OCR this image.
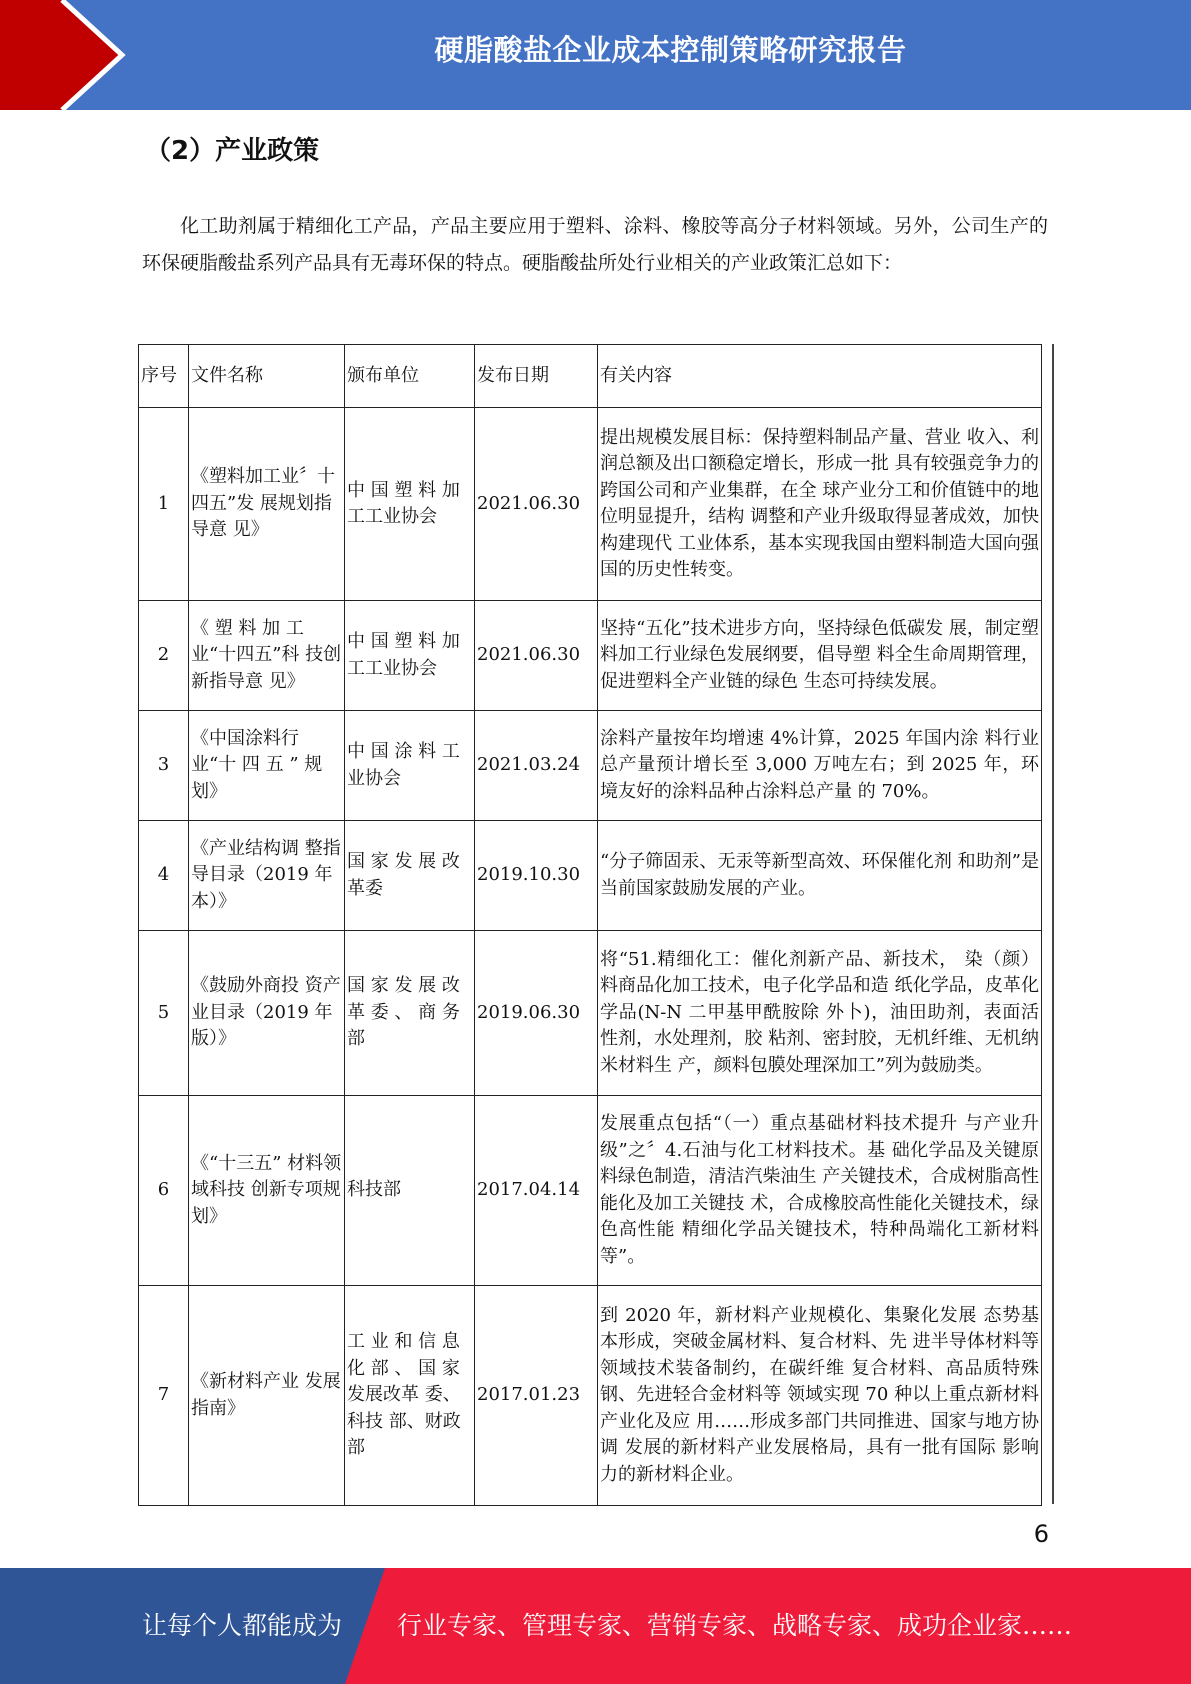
硬脂酸盐企业成本控制策略研究报告
（2）产业政策
化工助剂属于精细化工产品，产品主要应用于塑料、涂料、橡胶等高分子材料领域。另外，公司生产的环保硬脂酸盐系列产品具有无毒环保的特点。硬脂酸盐所处行业相关的产业政策汇总如下：
序号	文件名称	颁布单位	发布日期	有关内容
1	《塑料加工业〞十四五”发 展规划指导意 见》	中 国 塑 料 加 工工业协会	2021.06.30	提出规模发展目标：保持塑料制品产量、营业 收入、利润总额及出口额稳定增长，形成一批 具有较强竞争力的跨国公司和产业集群，在全 球产业分工和价值链中的地位明显提升，结构 调整和产业升级取得显著成效，加快构建现代 工业体系，基本实现我国由塑料制造大国向强 国的历史性转变。
2	《 塑 料 加 工 业“十四五”科 技创新指导意 见》	中 国 塑 料 加 工工业协会	2021.06.30	坚持“五化”技术进步方向，坚持绿色低碳发 展，制定塑料加工行业绿色发展纲要，倡导塑 料全生命周期管理，促进塑料全产业链的绿色 生态可持续发展。
3	《中国涂料行 业“十 四 五 ” 规划》	中 国 涂 料 工 业协会	2021.03.24	涂料产量按年均增速 4%计算，2025 年国内涂 料行业总产量预计增长至 3,000 万吨左右；到 2025 年，环境友好的涂料品种占涂料总产量 的 70%。
4	《产业结构调 整指导目录（2019 年本）》	国 家 发 展 改 革委	2019.10.30	“分子筛固汞、无汞等新型高效、环保催化剂 和助剂”是当前国家鼓励发展的产业。
5	《鼓励外商投 资产业目录（2019 年版）》	国 家 发 展 改 革 委 、 商 务 部	2019.06.30	将“51.精细化工：催化剂新产品、新技术， 染（颜）料商品化加工技术，电子化学品和造 纸化学品，皮革化学品(N-N 二甲基甲酰胺除 外卜)，油田助剂，表面活性剂，水处理剂，胶 粘剂、密封胶，无机纤维、无机纳米材料生 产，颜料包膜处理深加工”列为鼓励类。
6	《“十三五” 材料领域科技 创新专项规 划》	科技部	2017.04.14	发展重点包括“（一）重点基础材料技术提升 与产业升级”之〞4.石油与化工材料技术。基 础化学品及关键原料绿色制造，清洁汽柴油生 产关键技术，合成树脂高性能化及加工关键技 术，合成橡胶高性能化关键技术，绿色高性能 精细化学品关键技术，特种咼端化工新材料 等”。
7	《新材料产业 发展指南》	工 业 和 信 息 化 部 、 国 家 发展改革 委、科技 部、财政部	2017.01.23	到 2020 年，新材料产业规模化、集聚化发展 态势基本形成，突破金属材料、复合材料、先 进半导体材料等领域技术装备制约，在碳纤维 复合材料、高品质特殊钢、先进轻合金材料等 领域实现 70 种以上重点新材料产业化及应 用……形成多部门共同推进、国家与地方协调 发展的新材料产业发展格局，具有一批有国际 影响力的新材料企业。
6
让每个人都能成为 行业专家、管理专家、营销专家、战略专家、成功企业家……
